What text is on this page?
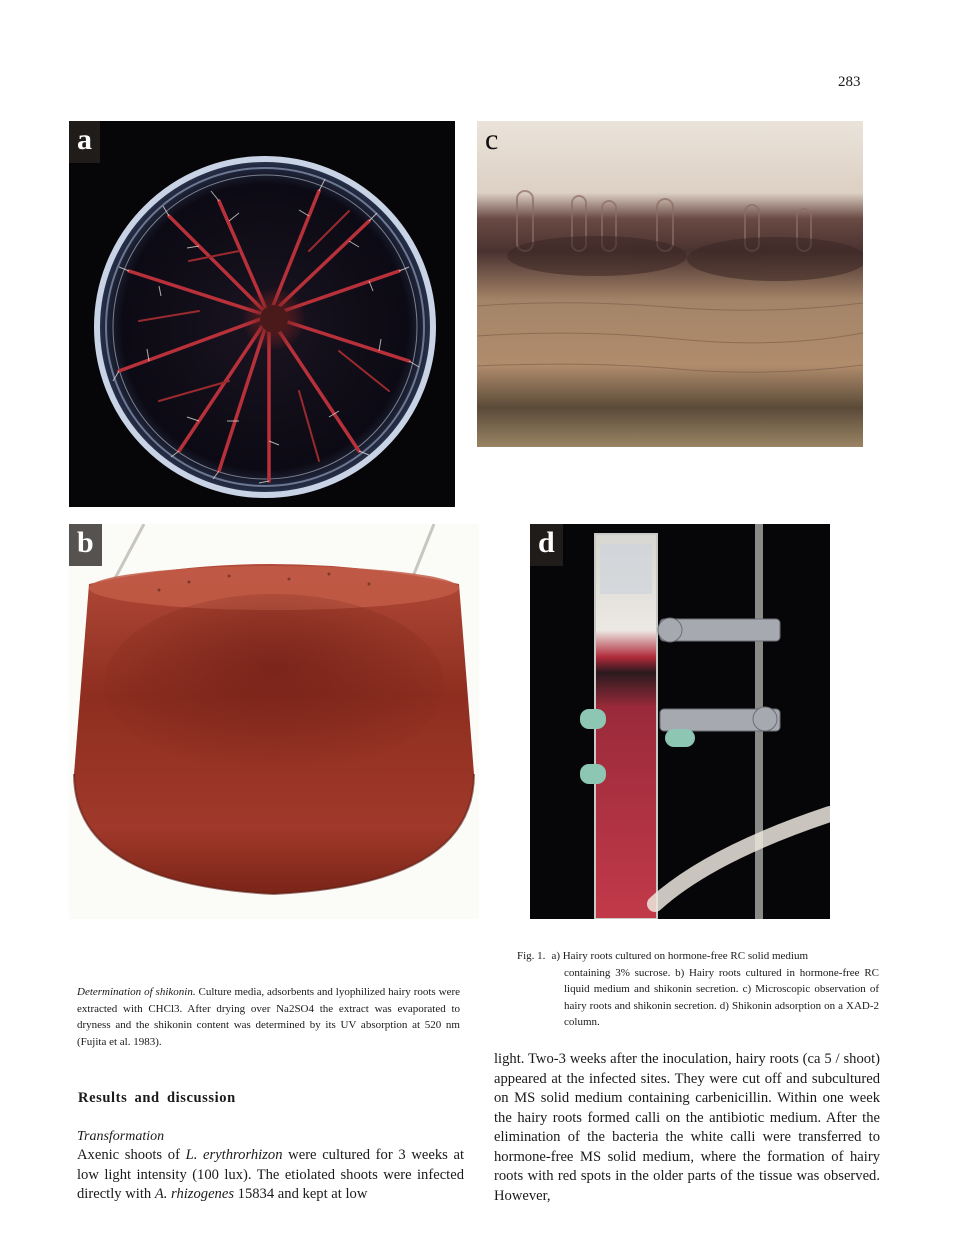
283
a	c
b	d
Fig. 1. a) Hairy roots cultured on hormone-free RC solid medium
containing 3% sucrose. b) Hairy roots cultured in hormone-free RC liquid medium and shikonin secretion. c) Microscopic observation of hairy roots and shikonin secretion. d) Shikonin adsorption on a XAD-2 column.
Determination of shikonin. Culture media, adsorbents and lyophilized hairy roots were extracted with CHCl3. After drying over Na2SO4 the extract was evaporated to dryness and the shikonin content was determined by its UV absorption at 520 nm (Fujita et al. 1983).
Results and discussion
Transformation
Axenic shoots of L. erythrorhizon were cultured for 3 weeks at low light intensity (100 lux). The etiolated shoots were infected directly with A. rhizogenes 15834 and kept at low
light. Two-3 weeks after the inoculation, hairy roots (ca 5 / shoot) appeared at the infected sites. They were cut off and subcultured on MS solid medium containing carbenicillin. Within one week the hairy roots formed calli on the antibiotic medium. After the elimination of the bacteria the white calli were transferred to hormone-free MS solid medium, where the formation of hairy roots with red spots in the older parts of the tissue was observed. However,
